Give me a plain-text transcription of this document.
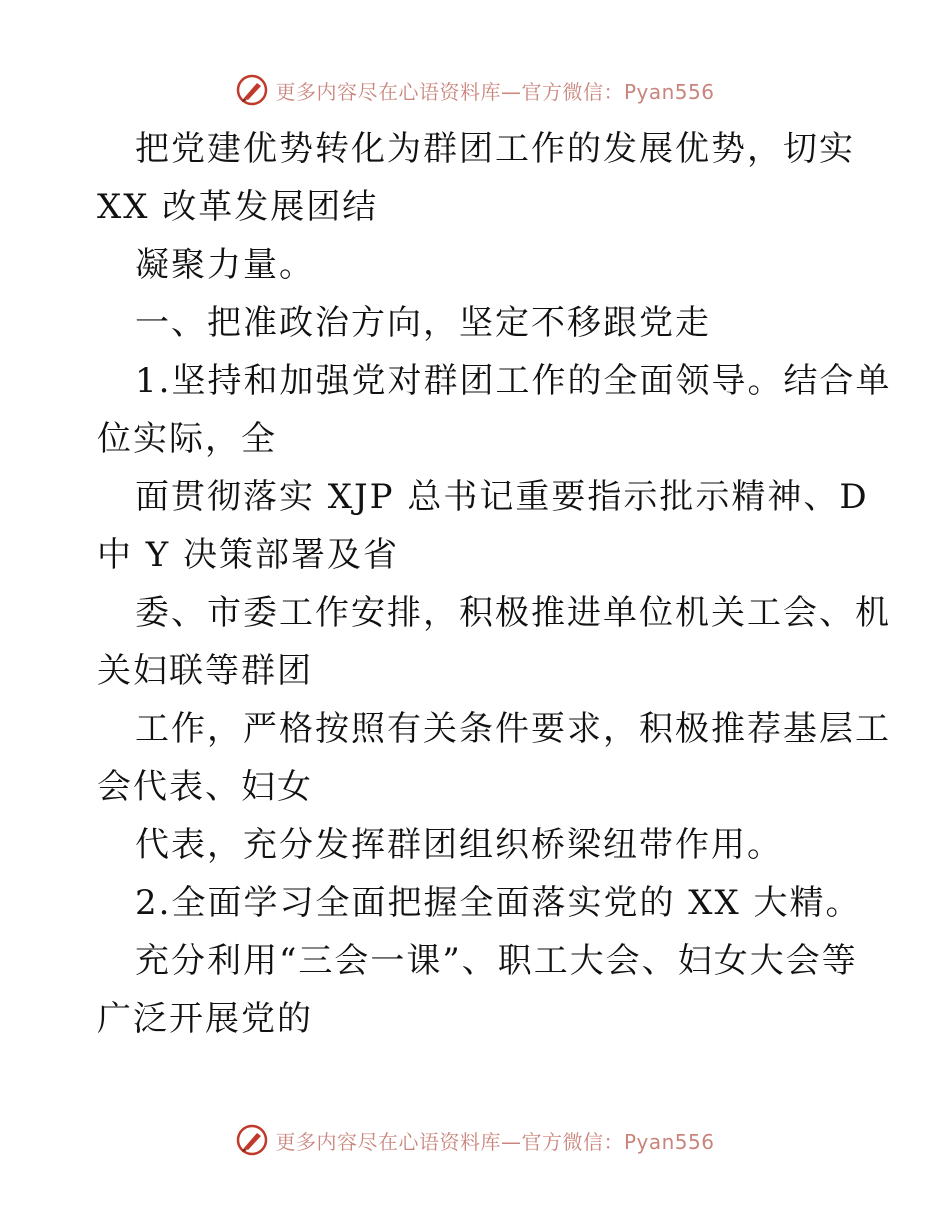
更多内容尽在心语资料库—官方微信：Pyan556
把党建优势转化为群团工作的发展优势，切实
XX 改革发展团结
凝聚力量。
一、把准政治方向，坚定不移跟党走
1.坚持和加强党对群团工作的全面领导。结合单
位实际，全
面贯彻落实 XJP 总书记重要指示批示精神、D
中 Y 决策部署及省
委、市委工作安排，积极推进单位机关工会、机
关妇联等群团
工作，严格按照有关条件要求，积极推荐基层工
会代表、妇女
代表，充分发挥群团组织桥梁纽带作用。
2.全面学习全面把握全面落实党的 XX 大精。
充分利用“三会一课”、职工大会、妇女大会等
广泛开展党的
更多内容尽在心语资料库—官方微信：Pyan556
